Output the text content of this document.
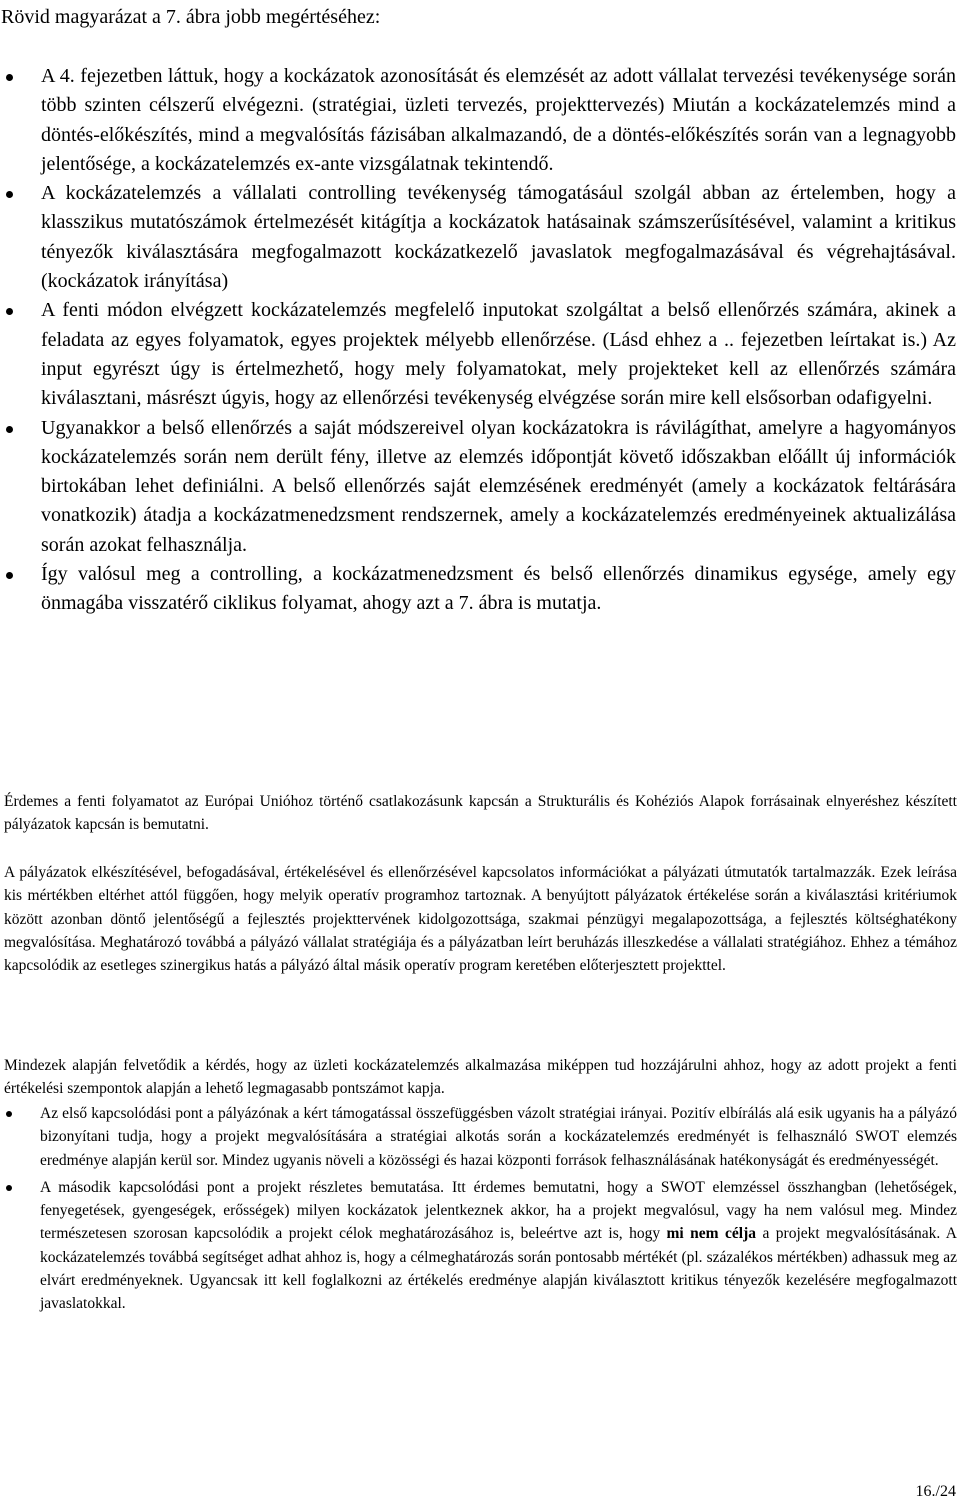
Rövid magyarázat a 7. ábra jobb megértéséhez:
A 4. fejezetben láttuk, hogy a kockázatok azonosítását és elemzését az adott vállalat tervezési tevékenysége során több szinten célszerű elvégezni. (stratégiai, üzleti tervezés, projekttervezés) Miután a kockázatelemzés mind a döntés-előkészítés, mind a megvalósítás fázisában alkalmazandó, de a döntés-előkészítés során van a legnagyobb jelentősége, a kockázatelemzés ex-ante vizsgálatnak tekintendő.
A kockázatelemzés a vállalati controlling tevékenység támogatásául szolgál abban az értelemben, hogy a klasszikus mutatószámok értelmezését kitágítja a kockázatok hatásainak számszerűsítésével, valamint a kritikus tényezők kiválasztására megfogalmazott kockázatkezelő javaslatok megfogalmazásával és végrehajtásával. (kockázatok irányítása)
A fenti módon elvégzett kockázatelemzés megfelelő inputokat szolgáltat a belső ellenőrzés számára, akinek a feladata az egyes folyamatok, egyes projektek mélyebb ellenőrzése. (Lásd ehhez a .. fejezetben leírtakat is.) Az input egyrészt úgy is értelmezhető, hogy mely folyamatokat, mely projekteket kell az ellenőrzés számára kiválasztani, másrészt úgyis, hogy az ellenőrzési tevékenység elvégzése során mire kell elsősorban odafigyelni.
Ugyanakkor a belső ellenőrzés a saját módszereivel olyan kockázatokra is rávilágíthat, amelyre a hagyományos kockázatelemzés során nem derült fény, illetve az elemzés időpontját követő időszakban előállt új információk birtokában lehet definiálni. A belső ellenőrzés saját elemzésének eredményét (amely a kockázatok feltárására vonatkozik) átadja a kockázatmenedzsment rendszernek, amely a kockázatelemzés eredményeinek aktualizálása során azokat felhasználja.
Így valósul meg a controlling, a kockázatmenedzsment és belső ellenőrzés dinamikus egysége, amely egy önmagába visszatérő ciklikus folyamat, ahogy azt a 7. ábra is mutatja.

Érdemes a fenti folyamatot az Európai Unióhoz történő csatlakozásunk kapcsán a Strukturális és Kohéziós Alapok forrásainak elnyeréshez készített pályázatok kapcsán is bemutatni.

A pályázatok elkészítésével, befogadásával, értékelésével és ellenőrzésével kapcsolatos információkat a pályázati útmutatók tartalmazzák. Ezek leírása kis mértékben eltérhet attól függően, hogy melyik operatív programhoz tartoznak. A benyújtott pályázatok értékelése során a kiválasztási kritériumok között azonban döntő jelentőségű a fejlesztés projekttervének kidolgozottsága, szakmai pénzügyi megalapozottsága, a fejlesztés költséghatékony megvalósítása. Meghatározó továbbá a pályázó vállalat stratégiája és a pályázatban leírt beruházás illeszkedése a vállalati stratégiához. Ehhez a témához kapcsolódik az esetleges szinergikus hatás a pályázó által másik operatív program keretében előterjesztett projekttel.

Mindezek alapján felvetődik a kérdés, hogy az üzleti kockázatelemzés alkalmazása miképpen tud hozzájárulni ahhoz, hogy az adott projekt a fenti értékelési szempontok alapján a lehető legmagasabb pontszámot kapja.

Az első kapcsolódási pont a pályázónak a kért támogatással összefüggésben vázolt stratégiai irányai. Pozitív elbírálás alá esik ugyanis ha a pályázó bizonyítani tudja, hogy a projekt megvalósítására a stratégiai alkotás során a kockázatelemzés eredményét is felhasználó SWOT elemzés eredménye alapján kerül sor. Mindez ugyanis növeli a közösségi és hazai központi források felhasználásának hatékonyságát és eredményességét.
A második kapcsolódási pont a projekt részletes bemutatása. Itt érdemes bemutatni, hogy a SWOT elemzéssel összhangban (lehetőségek, fenyegetések, gyengeségek, erősségek) milyen kockázatok jelentkeznek akkor, ha a projekt megvalósul, vagy ha nem valósul meg. Mindez természetesen szorosan kapcsolódik a projekt célok meghatározásához is, beleértve azt is, hogy mi nem célja a projekt megvalósításának. A kockázatelemzés továbbá segítséget adhat ahhoz is, hogy a célmeghatározás során pontosabb mértékét (pl. százalékos mértékben) adhassuk meg az elvárt eredményeknek. Ugyancsak itt kell foglalkozni az értékelés eredménye alapján kiválasztott kritikus tényezők kezelésére megfogalmazott javaslatokkal.
16./24
